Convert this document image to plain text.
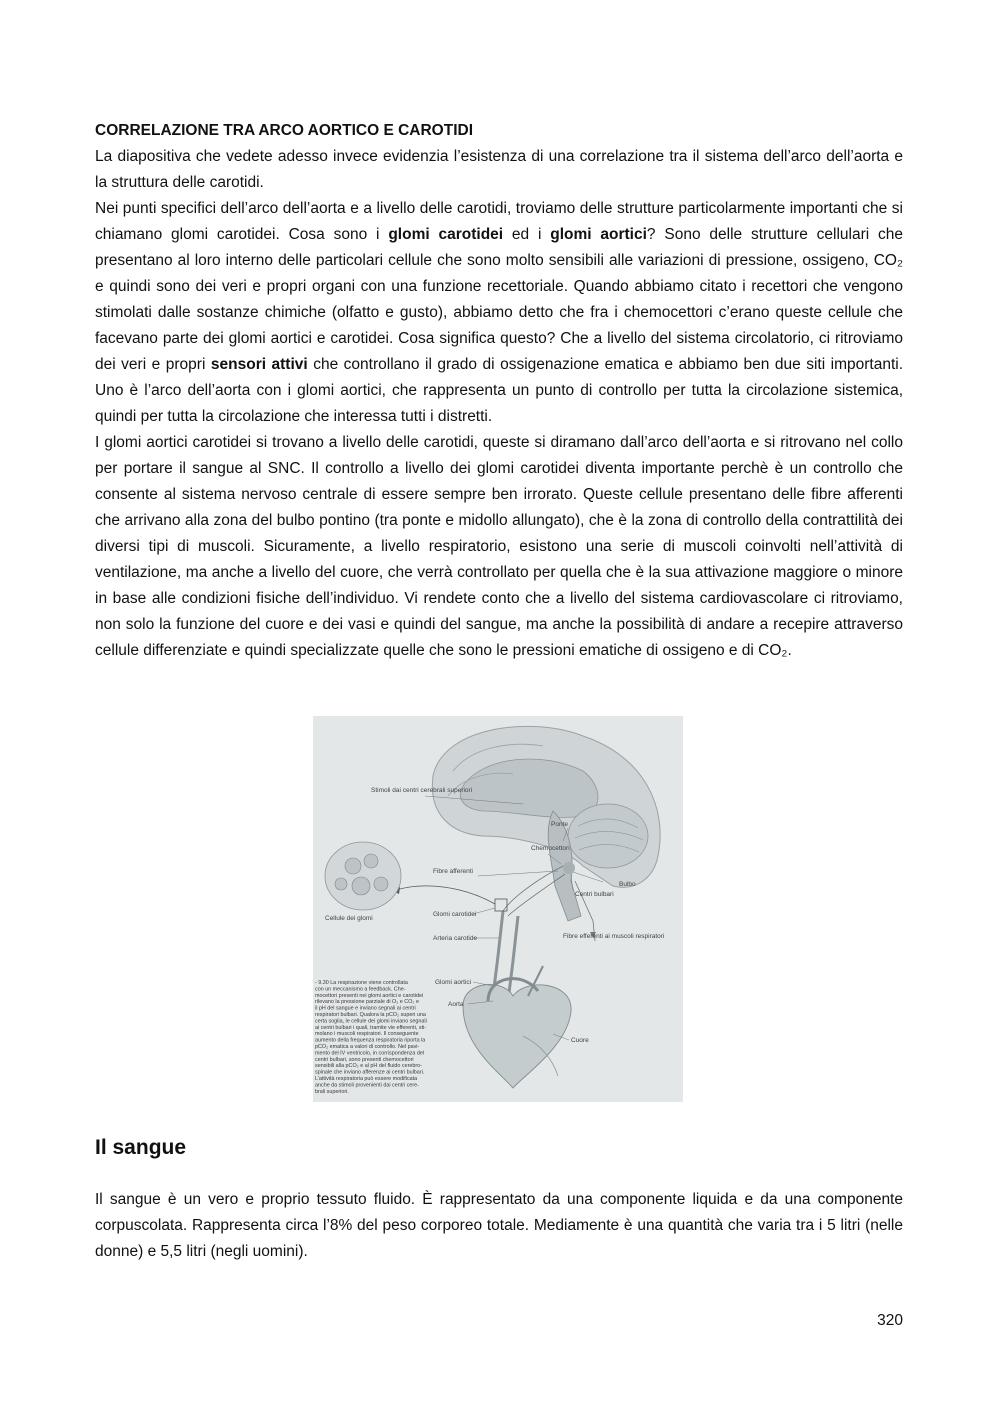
CORRELAZIONE TRA ARCO AORTICO E CAROTIDI

La diapositiva che vedete adesso invece evidenzia l’esistenza di una correlazione tra il sistema dell’arco dell’aorta e la struttura delle carotidi.

Nei punti specifici dell’arco dell’aorta e a livello delle carotidi, troviamo delle strutture particolarmente importanti che si chiamano glomi carotidei. Cosa sono i glomi carotidei ed i glomi aortici? Sono delle strutture cellulari che presentano al loro interno delle particolari cellule che sono molto sensibili alle variazioni di pressione, ossigeno, CO₂ e quindi sono dei veri e propri organi con una funzione recettoriale. Quando abbiamo citato i recettori che vengono stimolati dalle sostanze chimiche (olfatto e gusto), abbiamo detto che fra i chemocettori c’erano queste cellule che facevano parte dei glomi aortici e carotidei. Cosa significa questo? Che a livello del sistema circolatorio, ci ritroviamo dei veri e propri sensori attivi che controllano il grado di ossigenazione ematica e abbiamo ben due siti importanti. Uno è l’arco dell’aorta con i glomi aortici, che rappresenta un punto di controllo per tutta la circolazione sistemica, quindi per tutta la circolazione che interessa tutti i distretti.

I glomi aortici carotidei si trovano a livello delle carotidi, queste si diramano dall’arco dell’aorta e si ritrovano nel collo per portare il sangue al SNC. Il controllo a livello dei glomi carotidei diventa importante perchè è un controllo che consente al sistema nervoso centrale di essere sempre ben irrorato. Queste cellule presentano delle fibre afferenti che arrivano alla zona del bulbo pontino (tra ponte e midollo allungato), che è la zona di controllo della contrattilità dei diversi tipi di muscoli. Sicuramente, a livello respiratorio, esistono una serie di muscoli coinvolti nell’attività di ventilazione, ma anche a livello del cuore, che verrà controllato per quella che è la sua attivazione maggiore o minore in base alle condizioni fisiche dell’individuo. Vi rendete conto che a livello del sistema cardiovascolare ci ritroviamo, non solo la funzione del cuore e dei vasi e quindi del sangue, ma anche la possibilità di andare a recepire attraverso cellule differenziate e quindi specializzate quelle che sono le pressioni ematiche di ossigeno e di CO₂.

Stimoli dai centri cerebrali superiori
Ponte
Chemocettori
Fibre afferenti
Bulbo
Centri bulbari
Cellule dei glomi
Glomi carotidei
Arteria carotide	Fibre efferenti ai muscoli respiratori
Glomi aortici
Aorta
Cuore
- 9.30 La respirazione viene controllata
con un meccanismo a feedback. Che-
mocettori presenti nei glomi aortici e carotidei
rilevano la pressione parziale di O₂ e CO₂ e
il pH del sangue e inviano segnali ai centri
respiratori bulbari. Qualora la pCO₂ superi una
certa soglia, le cellule dei glomi inviano segnali
ai centri bulbari i quali, tramite vie efferenti, sti-
molano i muscoli respiratori. Il conseguente
aumento della frequenza respiratoria riporta la
pCO₂ ematica a valori di controllo. Nel pavi-
mento del IV ventricolo, in corrispondenza del
centri bulbari, sono presenti chemocettori
sensibili alla pCO₂ e al pH del fluido cerebro-
spinale che inviano afferenze ai centri bulbari.
L’attività respiratoria può essere modificata
anche da stimoli provenienti dai centri cere-
brali superiori.
Il sangue

Il sangue è un vero e proprio tessuto fluido. È rappresentato da una componente liquida e da una componente corpuscolata. Rappresenta circa l’8% del peso corporeo totale. Mediamente è una quantità che varia tra i 5 litri (nelle donne) e 5,5 litri (negli uomini).

320
